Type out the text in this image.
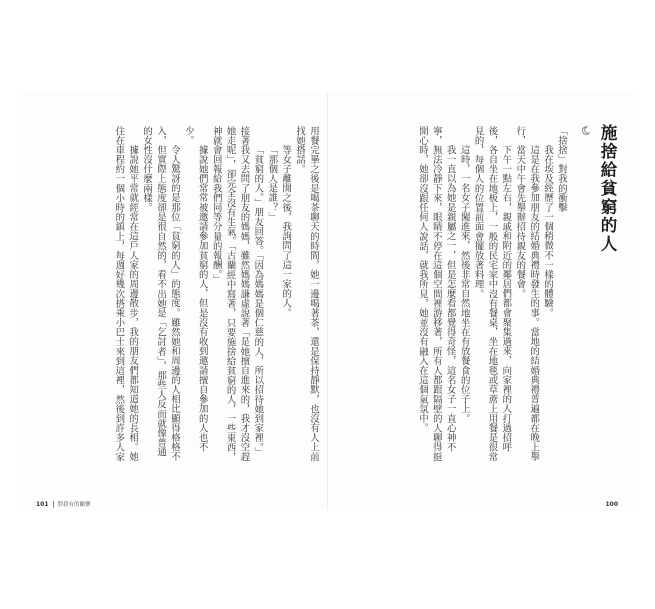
用餐完畢之後是喝茶聊天的時間，她一邊喝著茶，還是保持靜默，也沒有人上前找她搭話。

等女子離開之後，我詢問了這一家的人。

「那個人是誰？」

「貧窮的人。」朋友回答。「因為媽媽是個仁慈的人，所以招待她到家裡。」接著我又去問了朋友的媽媽，雖然媽媽謙虛說著「是她擅自進來的，我才沒空趕她走呢」，卻完全沒有生氣。「古蘭經中寫著，只要施捨給貧窮的人，一些東西，神就會回報給我們同等分量的報酬。」

據說她們常常被邀請參加貧窮的人，但是沒有收到邀請擅自參加的人也不少。

令人驚訝的是那位「貧窮的人」的態度。雖然她和周邊的人相比顯得格格不入，但實際上態度卻是很自然的，看不出她是「乞討者」，那些人反而就像普通的女性沒什麼兩樣。

據說她平常就經常在這戶人家的周邊散步，我的朋友們都知道她的長相。她住在車程約一個小時的鎮上，每週好幾次搭乘小巴士來到這裡，然後到許多人家

101 對我有的關懷
施捨給貧窮的人

「捨捨」對我的衝擊

我在埃及經歷了一個稍微不一樣的體驗。

這是在我參加朋友的結婚典禮時發生的事。當地的結婚典禮普遍都在晚上舉行，當天中午會先舉辦招待親友的餐會。

下午一點左右，親戚和附近的鄰居們都會聚集過來，向家裡的人打過招呼後，各自坐在地板上，一般的民宅家中沒有餐桌，坐在地毯或草蓆上用餐是很常見的，每個人的位置前面會擺放著料理。

這時，一名女子闖進來，然後非常自然地坐在有放餐食的位子上。

我一直以為她是親屬之一，但是怎麼看都覺得奇怪，這名女子一直心神不寧，無法冷靜下來，眼睛不停在這個空間裡游移著，所有人都跟隔壁的人聊得挺開心時，她卻沒跟任何人說話，就我所見，她並沒有融入在這個氣氛中。

100
